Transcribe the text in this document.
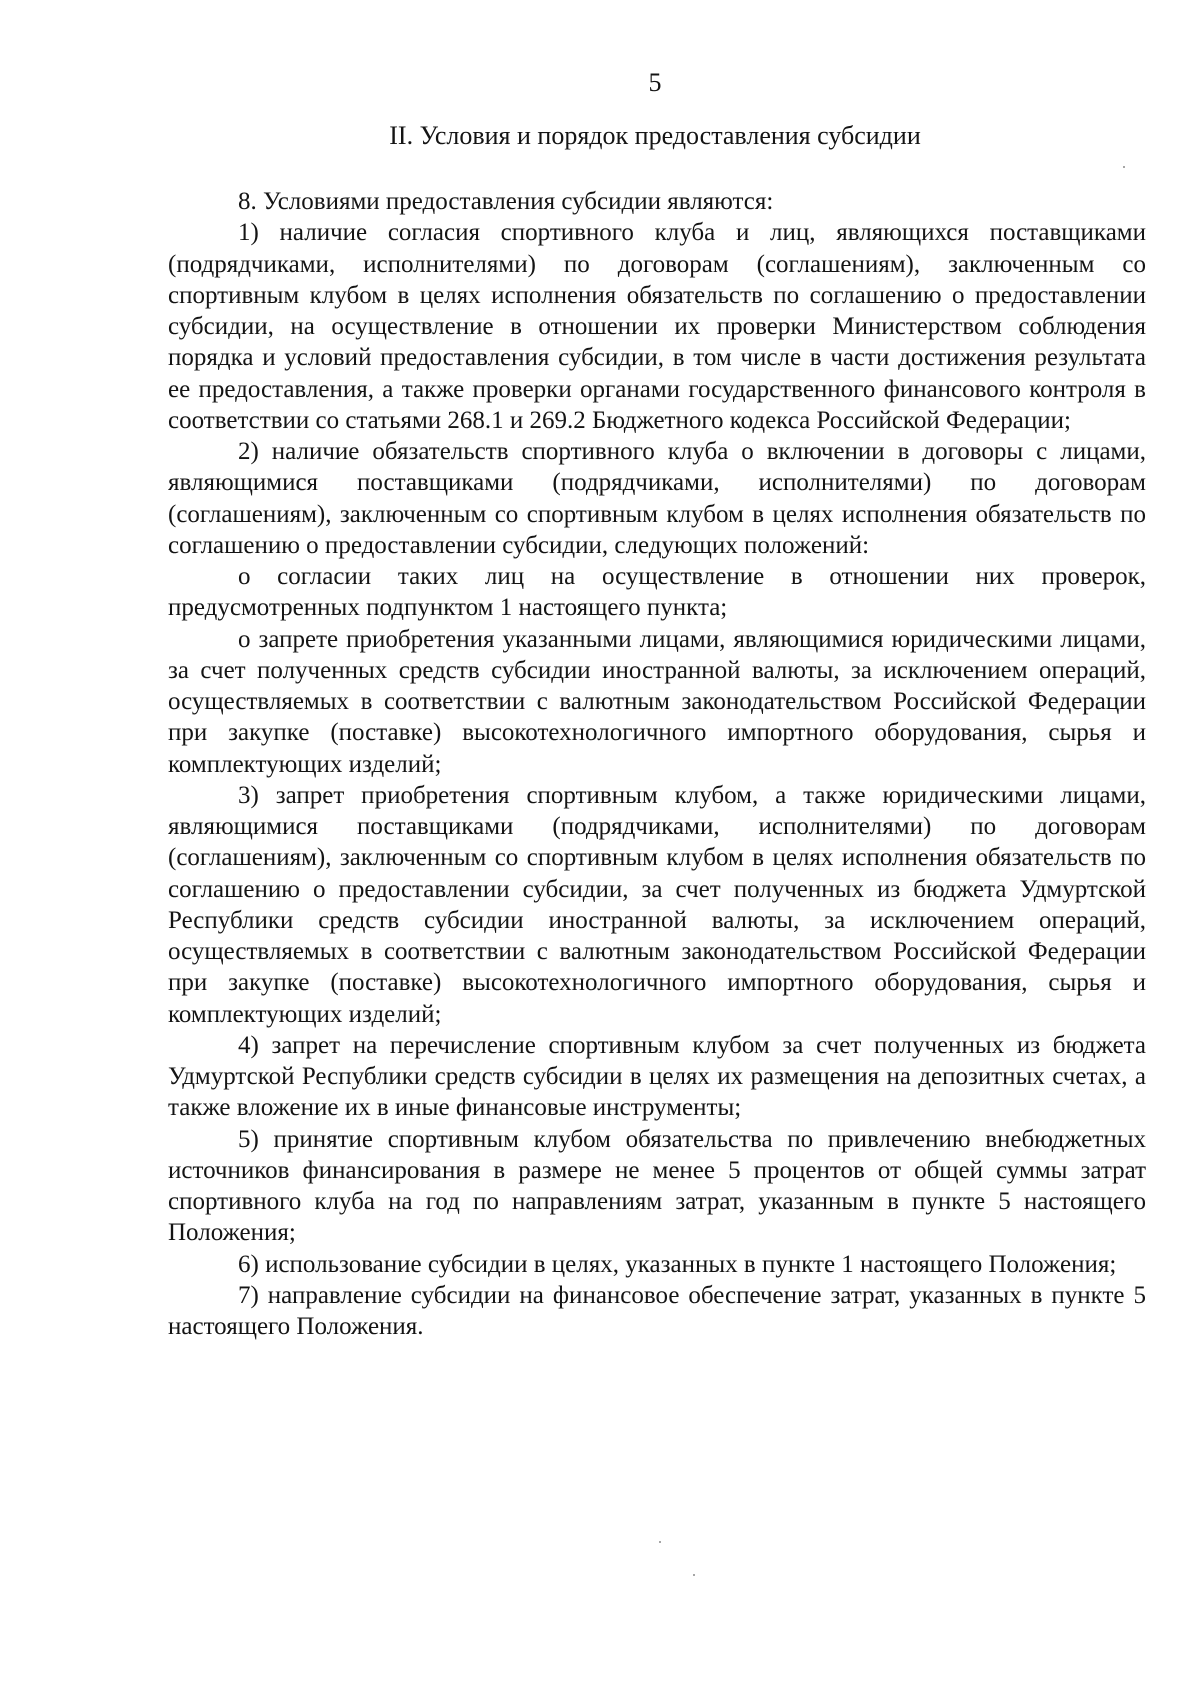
5
II. Условия и порядок предоставления субсидии

8. Условиями предоставления субсидии являются:

1) наличие согласия спортивного клуба и лиц, являющихся поставщиками (подрядчиками, исполнителями) по договорам (соглашениям), заключенным со спортивным клубом в целях исполнения обязательств по соглашению о предоставлении субсидии, на осуществление в отношении их проверки Министерством соблюдения порядка и условий предоставления субсидии, в том числе в части достижения результата ее предоставления, а также проверки органами государственного финансового контроля в соответствии со статьями 268.1 и 269.2 Бюджетного кодекса Российской Федерации;

2) наличие обязательств спортивного клуба о включении в договоры с лицами, являющимися поставщиками (подрядчиками, исполнителями) по договорам (соглашениям), заключенным со спортивным клубом в целях исполнения обязательств по соглашению о предоставлении субсидии, следующих положений:

о согласии таких лиц на осуществление в отношении них проверок, предусмотренных подпунктом 1 настоящего пункта;

о запрете приобретения указанными лицами, являющимися юридическими лицами, за счет полученных средств субсидии иностранной валюты, за исключением операций, осуществляемых в соответствии с валютным законодательством Российской Федерации при закупке (поставке) высокотехнологичного импортного оборудования, сырья и комплектующих изделий;

3) запрет приобретения спортивным клубом, а также юридическими лицами, являющимися поставщиками (подрядчиками, исполнителями) по договорам (соглашениям), заключенным со спортивным клубом в целях исполнения обязательств по соглашению о предоставлении субсидии, за счет полученных из бюджета Удмуртской Республики средств субсидии иностранной валюты, за исключением операций, осуществляемых в соответствии с валютным законодательством Российской Федерации при закупке (поставке) высокотехнологичного импортного оборудования, сырья и комплектующих изделий;

4) запрет на перечисление спортивным клубом за счет полученных из бюджета Удмуртской Республики средств субсидии в целях их размещения на депозитных счетах, а также вложение их в иные финансовые инструменты;

5) принятие спортивным клубом обязательства по привлечению внебюджетных источников финансирования в размере не менее 5 процентов от общей суммы затрат спортивного клуба на год по направлениям затрат, указанным в пункте 5 настоящего Положения;

6) использование субсидии в целях, указанных в пункте 1 настоящего Положения;

7) направление субсидии на финансовое обеспечение затрат, указанных в пункте 5 настоящего Положения.
